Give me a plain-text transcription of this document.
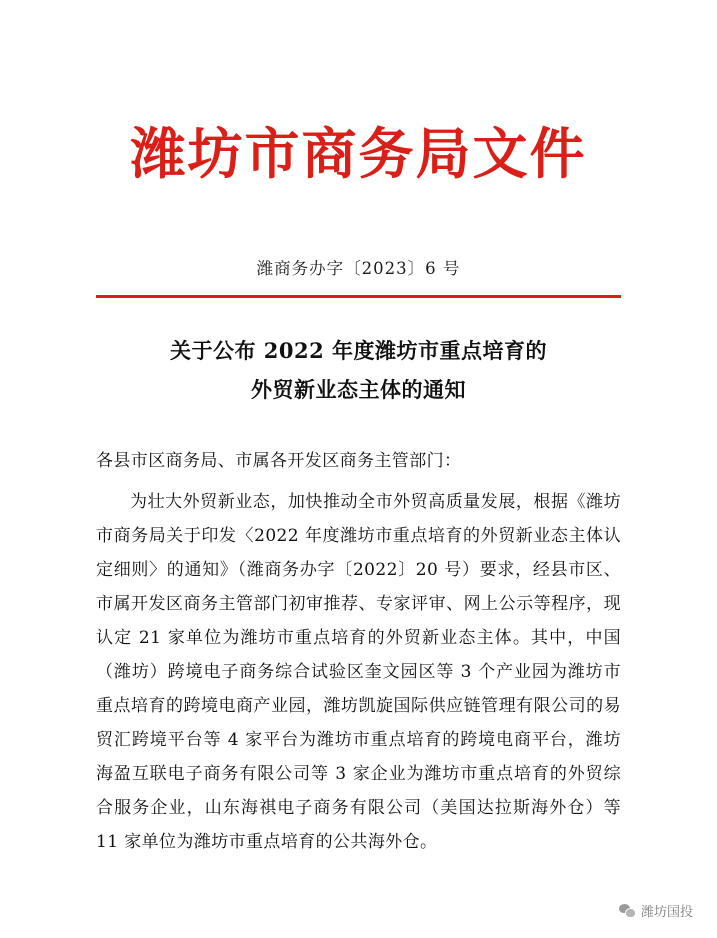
潍坊市商务局文件

潍商务办字〔2023〕6 号

关于公布 2022 年度潍坊市重点培育的
外贸新业态主体的通知

各县市区商务局、市属各开发区商务主管部门：

为壮大外贸新业态，加快推动全市外贸高质量发展，根据《潍坊市商务局关于印发〈2022 年度潍坊市重点培育的外贸新业态主体认定细则〉的通知》（潍商务办字〔2022〕20 号）要求，经县市区、市属开发区商务主管部门初审推荐、专家评审、网上公示等程序，现认定 21 家单位为潍坊市重点培育的外贸新业态主体。其中，中国（潍坊）跨境电子商务综合试验区奎文园区等 3 个产业园为潍坊市重点培育的跨境电商产业园，潍坊凯旋国际供应链管理有限公司的易贸汇跨境平台等 4 家平台为潍坊市重点培育的跨境电商平台，潍坊海盈互联电子商务有限公司等 3 家企业为潍坊市重点培育的外贸综合服务企业，山东海祺电子商务有限公司（美国达拉斯海外仓）等 11 家单位为潍坊市重点培育的公共海外仓。

潍坊国投
